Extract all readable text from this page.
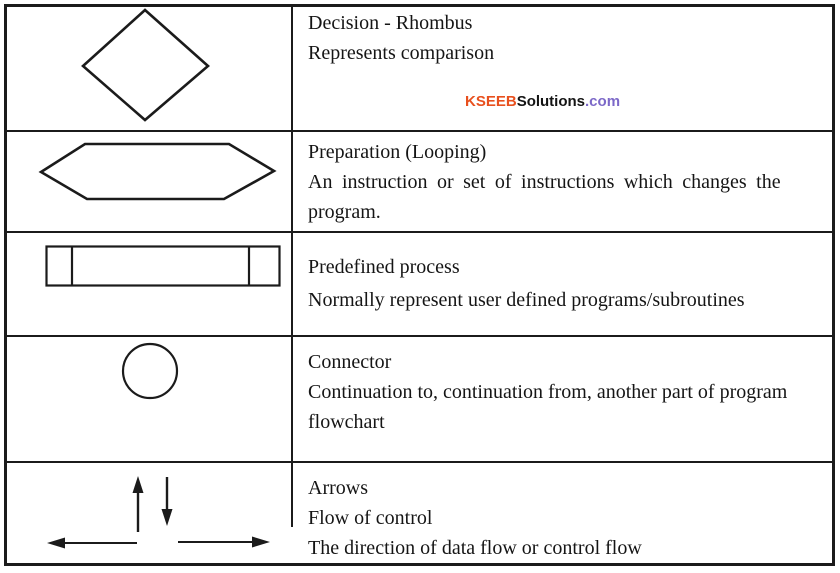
Decision - Rhombus

Represents comparison

KSEEBSolutions.com

Preparation (Looping)

An instruction or set of instructions which changes the

program.

Predefined process

Normally represent user defined programs/subroutines

Connector

Continuation to, continuation from, another part of program

flowchart

Arrows

Flow of control

The direction of data flow or control flow
